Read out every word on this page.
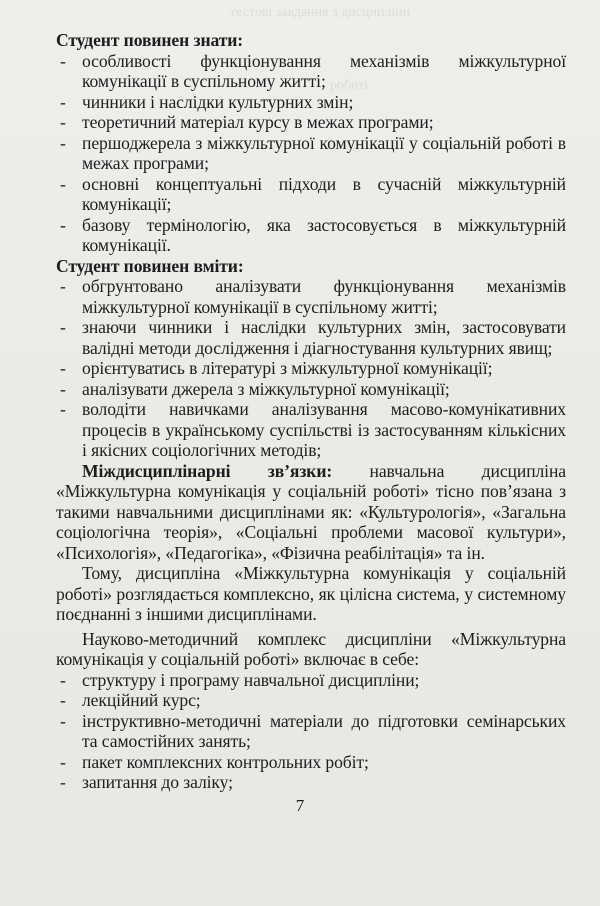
тестові завдання з дисципліни
роботі

Студент повинен знати:

- особливості функціонування механізмів міжкультурної комунікації в суспільному житті;

- чинники і наслідки культурних змін;

- теоретичний матеріал курсу в межах програми;

- першоджерела з міжкультурної комунікації у соціальній роботі в межах програми;

- основні концептуальні підходи в сучасній міжкультурній комунікації;

- базову термінологію, яка застосовується в міжкультурній комунікації.

Студент повинен вміти:

- обгрунтовано аналізувати функціонування механізмів міжкультурної комунікації в суспільному житті;

- знаючи чинники і наслідки культурних змін, застосовувати валідні методи дослідження і діагностування культурних явищ;

- орієнтуватись в літературі з міжкультурної комунікації;

- аналізувати джерела з міжкультурної комунікації;

- володіти навичками аналізування масово-комунікативних процесів в українському суспільстві із застосуванням кількісних і якісних соціологічних методів;

Міждисциплінарні зв’язки: навчальна дисципліна «Міжкультурна комунікація у соціальній роботі» тісно пов’язана з такими навчальними дисциплінами як: «Культурологія», «Загальна соціологічна теорія», «Соціальні проблеми масової культури», «Психологія», «Педагогіка», «Фізична реабілітація» та ін.

Тому, дисципліна «Міжкультурна комунікація у соціальній роботі» розглядається комплексно, як цілісна система, у системному поєднанні з іншими дисциплінами.

Науково-методичний комплекс дисципліни «Міжкультурна комунікація у соціальній роботі» включає в себе:

- структуру і програму навчальної дисципліни;

- лекційний курс;

- інструктивно-методичні матеріали до підготовки семінарських та самостійних занять;

- пакет комплексних контрольних робіт;

- запитання до заліку;

7
